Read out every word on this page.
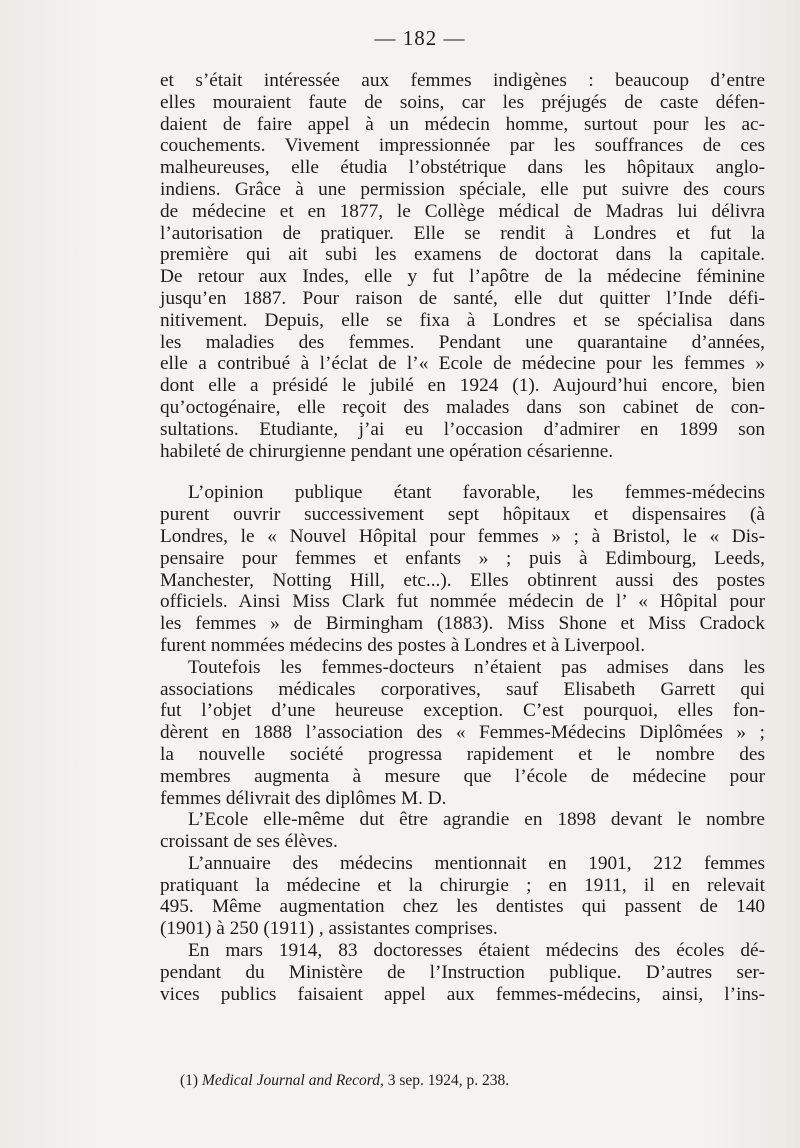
— 182 —

et s’était intéressée aux femmes indigènes : beaucoup d’entre
elles mouraient faute de soins, car les préjugés de caste défen-
daient de faire appel à un médecin homme, surtout pour les ac-
couchements. Vivement impressionnée par les souffrances de ces
malheureuses, elle étudia l’obstétrique dans les hôpitaux anglo-
indiens. Grâce à une permission spéciale, elle put suivre des cours
de médecine et en 1877, le Collège médical de Madras lui délivra
l’autorisation de pratiquer. Elle se rendit à Londres et fut la
première qui ait subi les examens de doctorat dans la capitale.
De retour aux Indes, elle y fut l’apôtre de la médecine féminine
jusqu’en 1887. Pour raison de santé, elle dut quitter l’Inde défi-
nitivement. Depuis, elle se fixa à Londres et se spécialisa dans
les maladies des femmes. Pendant une quarantaine d’années,
elle a contribué à l’éclat de l’« Ecole de médecine pour les femmes »
dont elle a présidé le jubilé en 1924 (1). Aujourd’hui encore, bien
qu’octogénaire, elle reçoit des malades dans son cabinet de con-
sultations. Etudiante, j’ai eu l’occasion d’admirer en 1899 son
habileté de chirurgienne pendant une opération césarienne.

L’opinion publique étant favorable, les femmes-médecins
purent ouvrir successivement sept hôpitaux et dispensaires (à
Londres, le « Nouvel Hôpital pour femmes » ; à Bristol, le « Dis-
pensaire pour femmes et enfants » ; puis à Edimbourg, Leeds,
Manchester, Notting Hill, etc...). Elles obtinrent aussi des postes
officiels. Ainsi Miss Clark fut nommée médecin de l’ « Hôpital pour
les femmes » de Birmingham (1883). Miss Shone et Miss Cradock
furent nommées médecins des postes à Londres et à Liverpool.

Toutefois les femmes-docteurs n’étaient pas admises dans les
associations médicales corporatives, sauf Elisabeth Garrett qui
fut l’objet d’une heureuse exception. C’est pourquoi, elles fon-
dèrent en 1888 l’association des « Femmes-Médecins Diplômées » ;
la nouvelle société progressa rapidement et le nombre des
membres augmenta à mesure que l’école de médecine pour
femmes délivrait des diplômes M. D.

L’Ecole elle-même dut être agrandie en 1898 devant le nombre
croissant de ses élèves.

L’annuaire des médecins mentionnait en 1901, 212 femmes
pratiquant la médecine et la chirurgie ; en 1911, il en relevait
495. Même augmentation chez les dentistes qui passent de 140
(1901) à 250 (1911) , assistantes comprises.

En mars 1914, 83 doctoresses étaient médecins des écoles dé-
pendant du Ministère de l’Instruction publique. D’autres ser-
vices publics faisaient appel aux femmes-médecins, ainsi, l’ins-

(1) Medical Journal and Record, 3 sep. 1924, p. 238.
